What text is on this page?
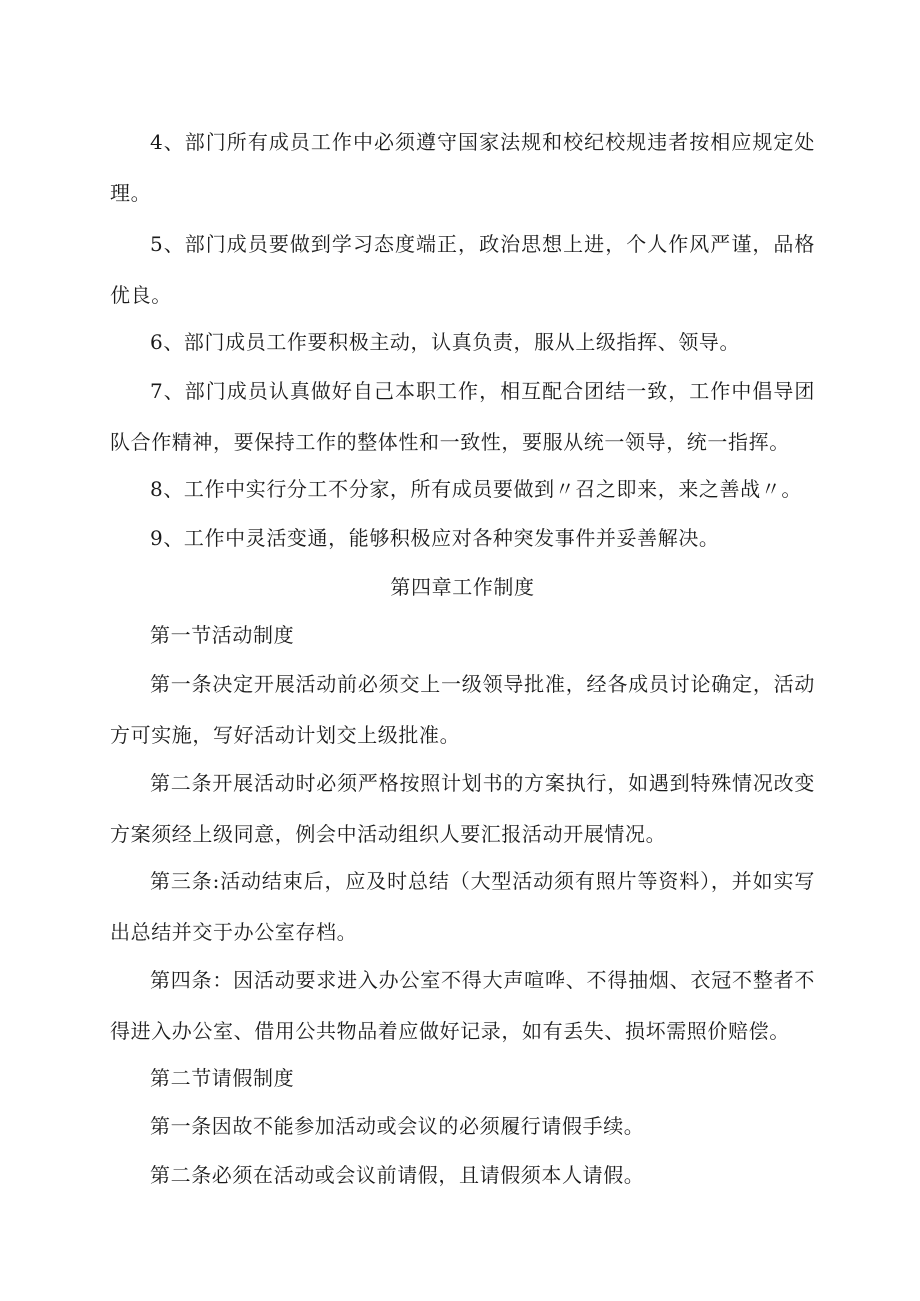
4、部门所有成员工作中必须遵守国家法规和校纪校规违者按相应规定处理。

5、部门成员要做到学习态度端正，政治思想上进，个人作风严谨，品格优良。

6、部门成员工作要积极主动，认真负责，服从上级指挥、领导。

7、部门成员认真做好自己本职工作，相互配合团结一致，工作中倡导团队合作精神，要保持工作的整体性和一致性，要服从统一领导，统一指挥。

8、工作中实行分工不分家，所有成员要做到〃召之即来，来之善战〃。

9、工作中灵活变通，能够积极应对各种突发事件并妥善解决。

第四章工作制度

第一节活动制度

第一条决定开展活动前必须交上一级领导批准，经各成员讨论确定，活动方可实施，写好活动计划交上级批准。

第二条开展活动时必须严格按照计划书的方案执行，如遇到特殊情况改变方案须经上级同意，例会中活动组织人要汇报活动开展情况。

第三条:活动结束后，应及时总结（大型活动须有照片等资料），并如实写出总结并交于办公室存档。

第四条：因活动要求进入办公室不得大声喧哗、不得抽烟、衣冠不整者不得进入办公室、借用公共物品着应做好记录，如有丢失、损坏需照价赔偿。

第二节请假制度

第一条因故不能参加活动或会议的必须履行请假手续。

第二条必须在活动或会议前请假，且请假须本人请假。
